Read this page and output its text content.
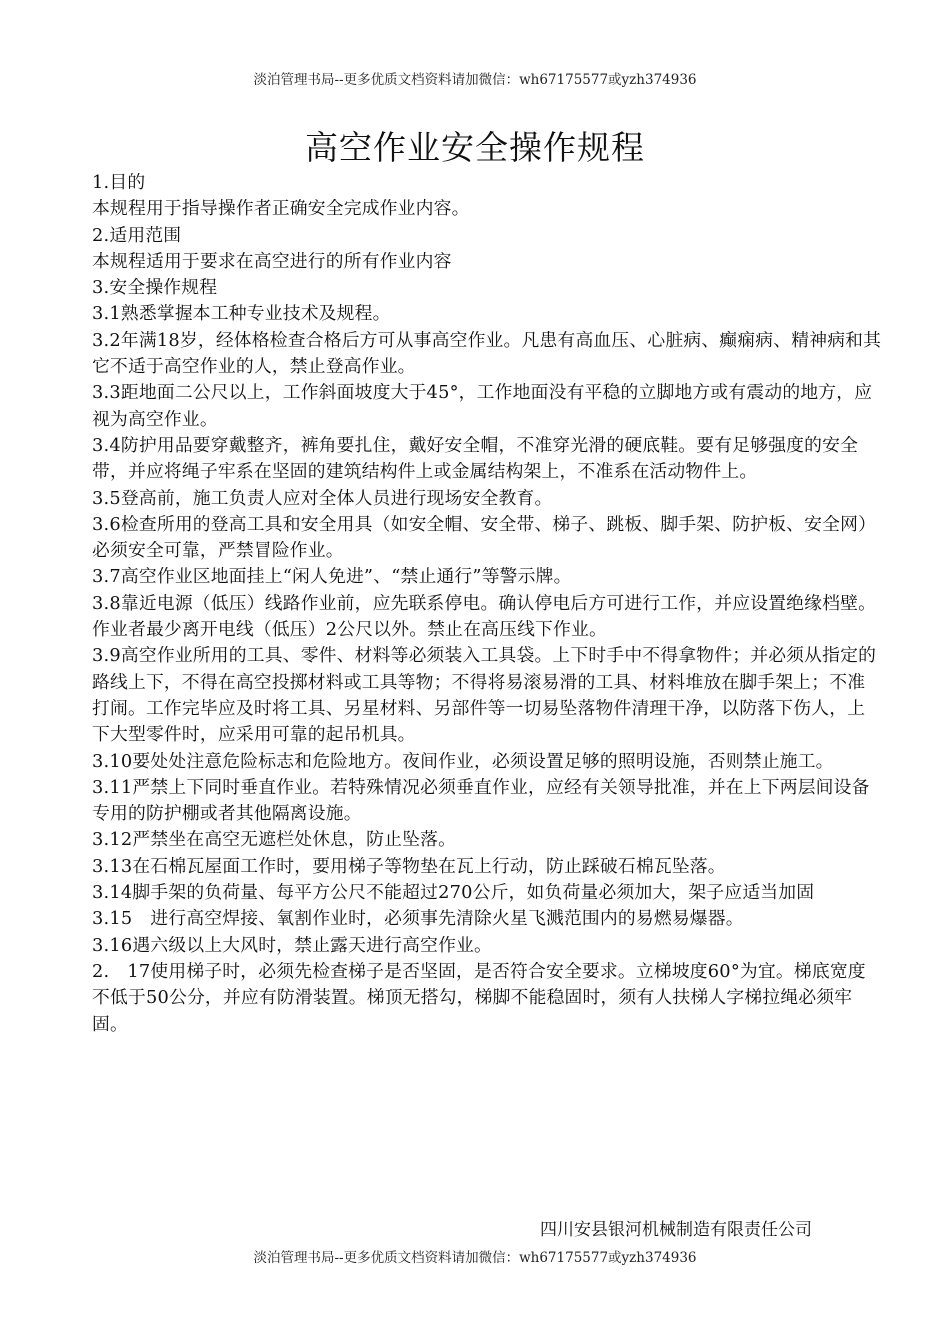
淡泊管理书局--更多优质文档资料请加微信：wh67175577或yzh374936
高空作业安全操作规程

1.目的

本规程用于指导操作者正确安全完成作业内容。

2.适用范围

本规程适用于要求在高空进行的所有作业内容

3.安全操作规程

3.1熟悉掌握本工种专业技术及规程。

3.2年满18岁，经体格检查合格后方可从事高空作业。凡患有高血压、心脏病、癫痫病、精神病和其它不适于高空作业的人，禁止登高作业。

3.3距地面二公尺以上，工作斜面坡度大于45°，工作地面没有平稳的立脚地方或有震动的地方，应视为高空作业。

3.4防护用品要穿戴整齐，裤角要扎住，戴好安全帽，不准穿光滑的硬底鞋。要有足够强度的安全带，并应将绳子牢系在坚固的建筑结构件上或金属结构架上，不准系在活动物件上。

3.5登高前，施工负责人应对全体人员进行现场安全教育。

3.6检查所用的登高工具和安全用具（如安全帽、安全带、梯子、跳板、脚手架、防护板、安全网）必须安全可靠，严禁冒险作业。

3.7高空作业区地面挂上“闲人免进”、“禁止通行”等警示牌。

3.8靠近电源（低压）线路作业前，应先联系停电。确认停电后方可进行工作，并应设置绝缘档壁。作业者最少离开电线（低压）2公尺以外。禁止在高压线下作业。

3.9高空作业所用的工具、零件、材料等必须装入工具袋。上下时手中不得拿物件；并必须从指定的路线上下，不得在高空投掷材料或工具等物；不得将易滚易滑的工具、材料堆放在脚手架上；不准打闹。工作完毕应及时将工具、另星材料、另部件等一切易坠落物件清理干净，以防落下伤人，上下大型零件时，应采用可靠的起吊机具。

3.10要处处注意危险标志和危险地方。夜间作业，必须设置足够的照明设施，否则禁止施工。

3.11严禁上下同时垂直作业。若特殊情况必须垂直作业，应经有关领导批准，并在上下两层间设备专用的防护棚或者其他隔离设施。

3.12严禁坐在高空无遮栏处休息，防止坠落。

3.13在石棉瓦屋面工作时，要用梯子等物垫在瓦上行动，防止踩破石棉瓦坠落。

3.14脚手架的负荷量、每平方公尺不能超过270公斤，如负荷量必须加大，架子应适当加固

3.15　进行高空焊接、氧割作业时，必须事先清除火星飞溅范围内的易燃易爆器。

3.16遇六级以上大风时，禁止露天进行高空作业。

2.　17使用梯子时，必须先检查梯子是否坚固，是否符合安全要求。立梯坡度60°为宜。梯底宽度不低于50公分，并应有防滑装置。梯顶无搭勾，梯脚不能稳固时，须有人扶梯人字梯拉绳必须牢固。

四川安县银河机械制造有限责任公司
淡泊管理书局--更多优质文档资料请加微信：wh67175577或yzh374936
